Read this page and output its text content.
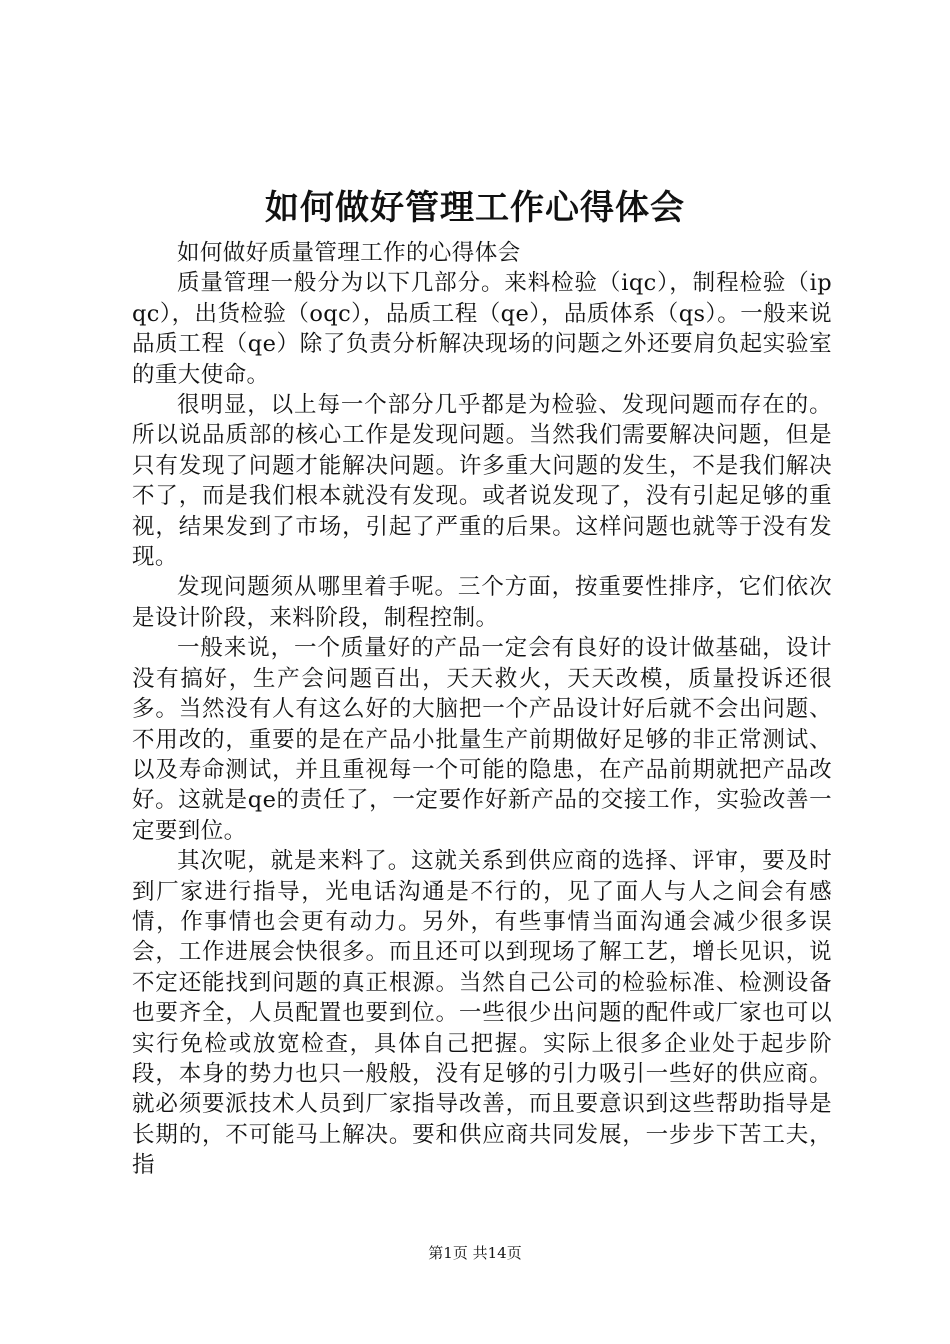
如何做好管理工作心得体会

如何做好质量管理工作的心得体会

质量管理一般分为以下几部分。来料检验（iqc），制程检验（ipqc），出货检验（oqc），品质工程（qe），品质体系（qs）。一般来说品质工程（qe）除了负责分析解决现场的问题之外还要肩负起实验室的重大使命。

很明显，以上每一个部分几乎都是为检验、发现问题而存在的。所以说品质部的核心工作是发现问题。当然我们需要解决问题，但是只有发现了问题才能解决问题。许多重大问题的发生，不是我们解决不了，而是我们根本就没有发现。或者说发现了，没有引起足够的重视，结果发到了市场，引起了严重的后果。这样问题也就等于没有发现。

发现问题须从哪里着手呢。三个方面，按重要性排序，它们依次是设计阶段，来料阶段，制程控制。

一般来说，一个质量好的产品一定会有良好的设计做基础，设计没有搞好，生产会问题百出，天天救火，天天改模，质量投诉还很多。当然没有人有这么好的大脑把一个产品设计好后就不会出问题、不用改的，重要的是在产品小批量生产前期做好足够的非正常测试、以及寿命测试，并且重视每一个可能的隐患，在产品前期就把产品改好。这就是qe的责任了，一定要作好新产品的交接工作，实验改善一定要到位。

其次呢，就是来料了。这就关系到供应商的选择、评审，要及时到厂家进行指导，光电话沟通是不行的，见了面人与人之间会有感情，作事情也会更有动力。另外，有些事情当面沟通会减少很多误会，工作进展会快很多。而且还可以到现场了解工艺，增长见识，说不定还能找到问题的真正根源。当然自己公司的检验标准、检测设备也要齐全，人员配置也要到位。一些很少出问题的配件或厂家也可以实行免检或放宽检查，具体自己把握。实际上很多企业处于起步阶段，本身的势力也只一般般，没有足够的引力吸引一些好的供应商。就必须要派技术人员到厂家指导改善，而且要意识到这些帮助指导是长期的，不可能马上解决。要和供应商共同发展，一步步下苦工夫，指

第1页 共14页
